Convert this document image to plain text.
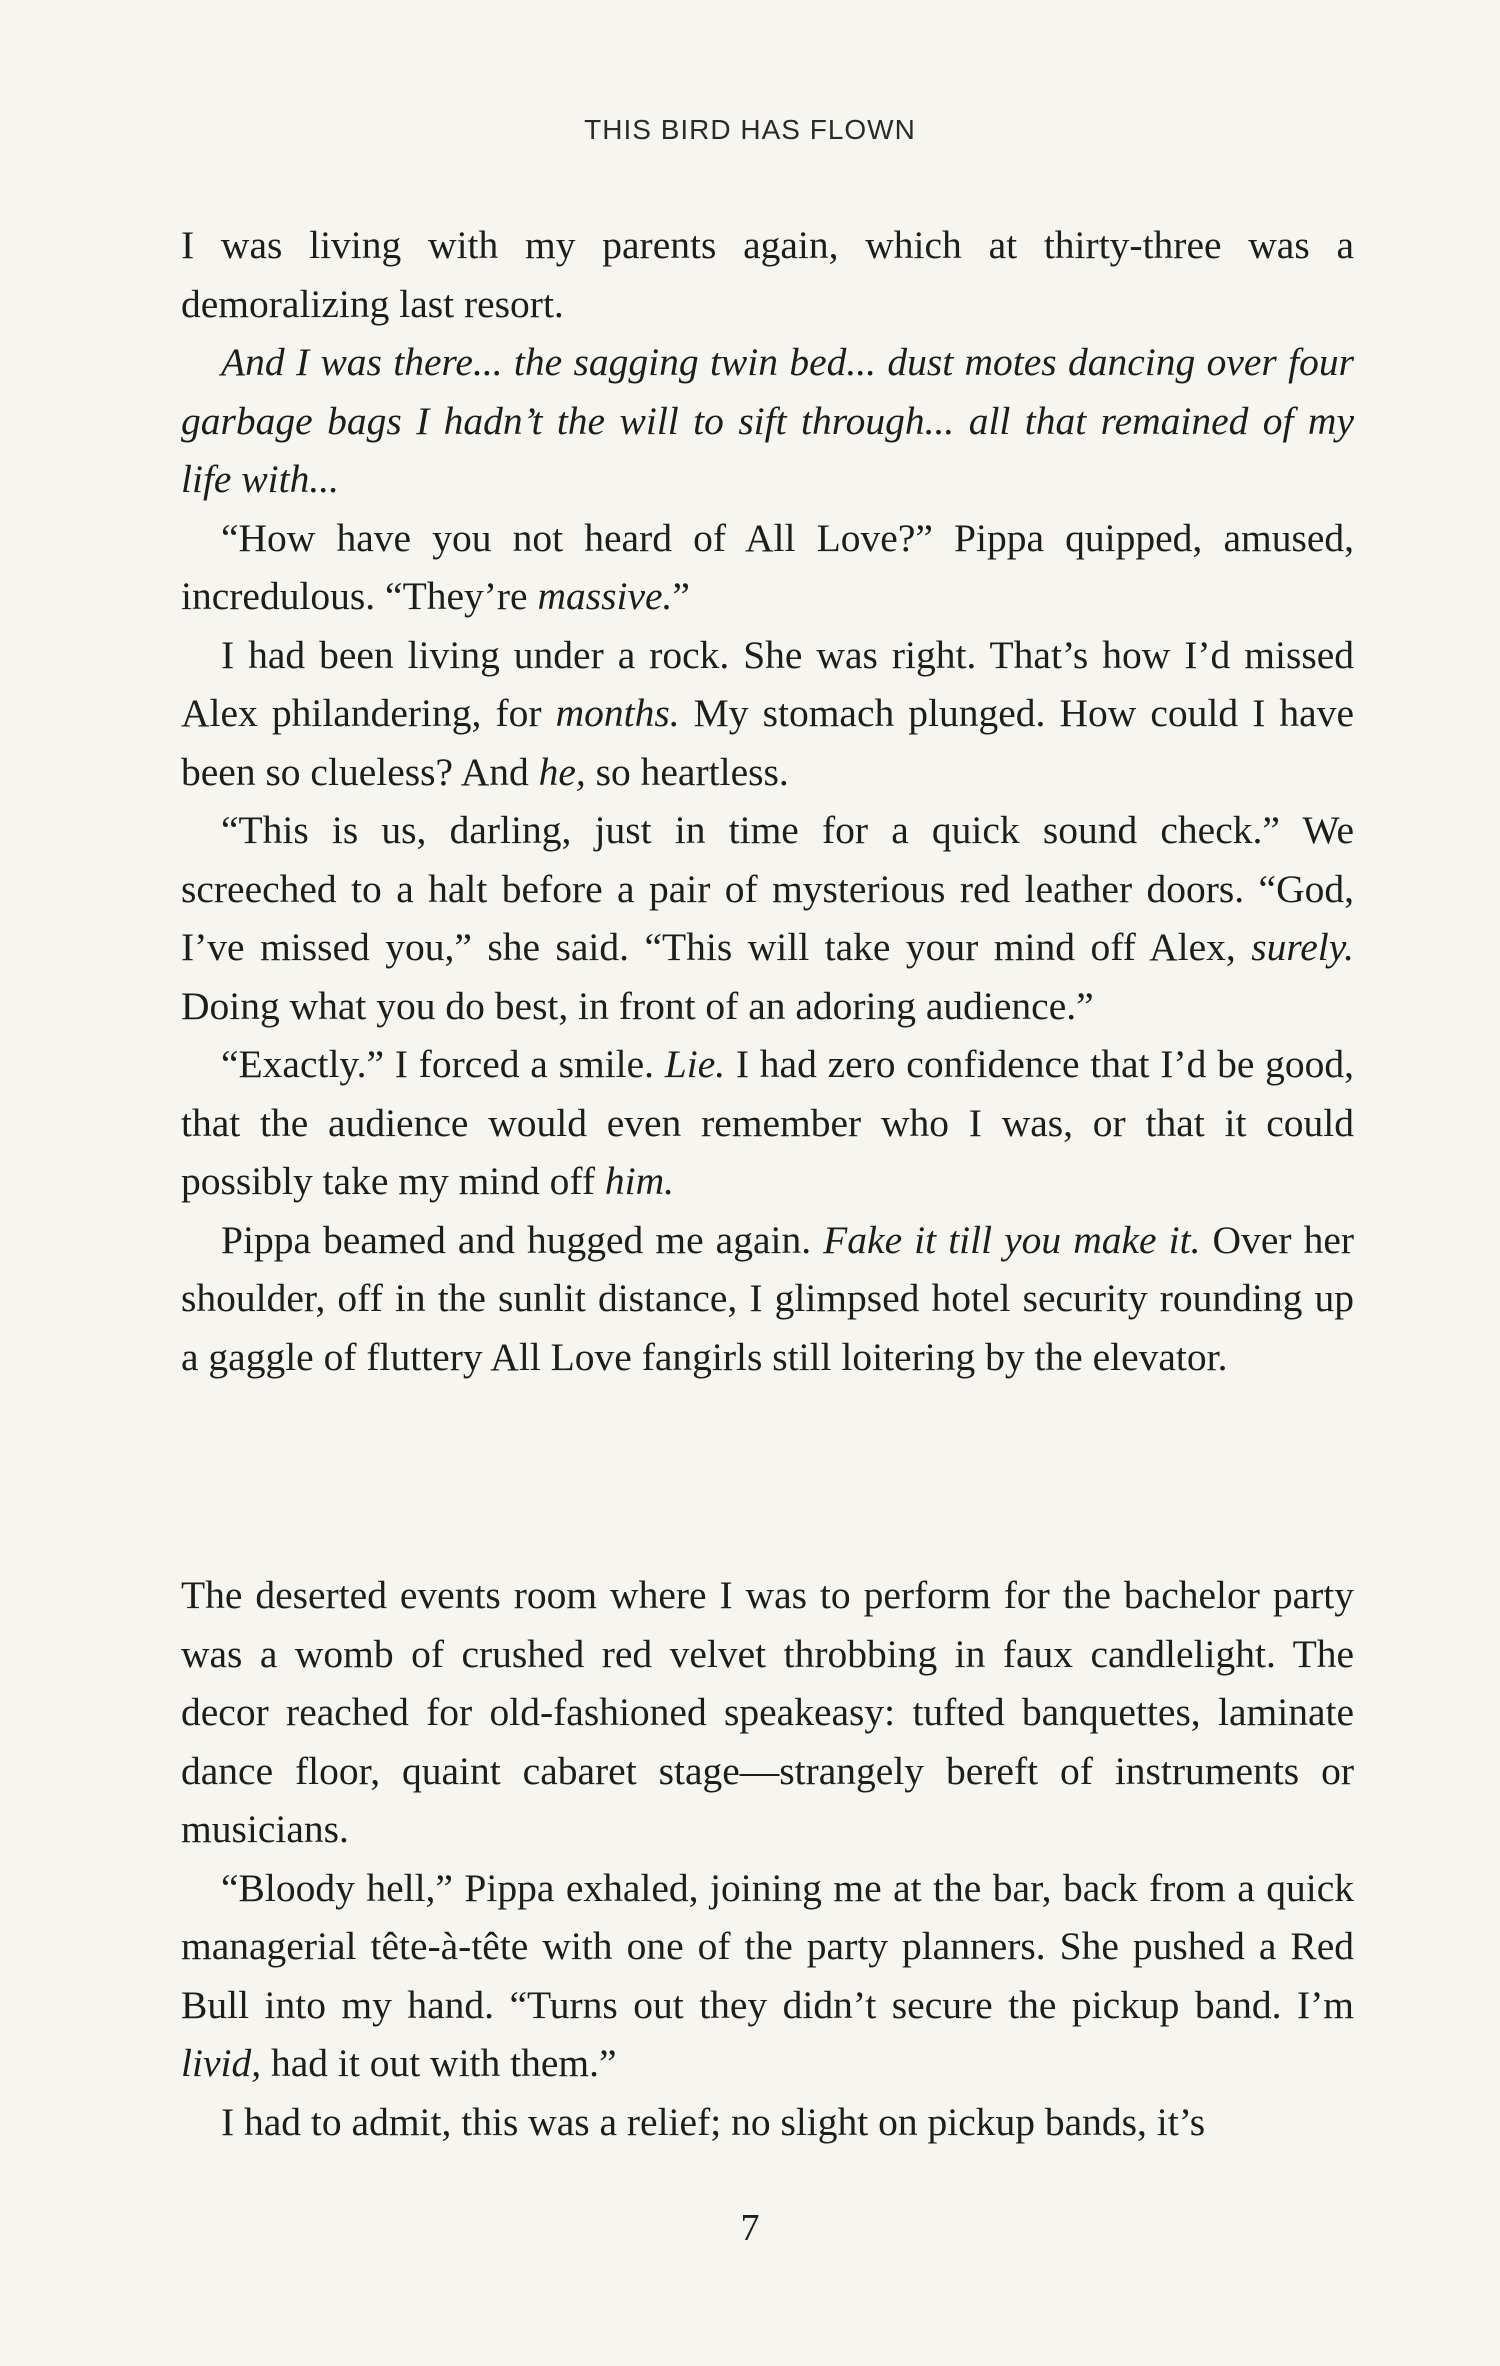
THIS BIRD HAS FLOWN

I was living with my parents again, which at thirty-three was a demoralizing last resort.

And I was there... the sagging twin bed... dust motes dancing over four garbage bags I hadn’t the will to sift through... all that remained of my life with...

“How have you not heard of All Love?” Pippa quipped, amused, incredulous. “They’re massive.”

I had been living under a rock. She was right. That’s how I’d missed Alex philandering, for months. My stomach plunged. How could I have been so clueless? And he, so heartless.

“This is us, darling, just in time for a quick sound check.” We screeched to a halt before a pair of mysterious red leather doors. “God, I’ve missed you,” she said. “This will take your mind off Alex, surely. Doing what you do best, in front of an adoring audience.”

“Exactly.” I forced a smile. Lie. I had zero confidence that I’d be good, that the audience would even remember who I was, or that it could possibly take my mind off him.

Pippa beamed and hugged me again. Fake it till you make it. Over her shoulder, off in the sunlit distance, I glimpsed hotel security rounding up a gaggle of fluttery All Love fangirls still loitering by the elevator.

The deserted events room where I was to perform for the bachelor party was a womb of crushed red velvet throbbing in faux candlelight. The decor reached for old-fashioned speakeasy: tufted banquettes, laminate dance floor, quaint cabaret stage—strangely bereft of instruments or musicians.

“Bloody hell,” Pippa exhaled, joining me at the bar, back from a quick managerial tête-à-tête with one of the party planners. She pushed a Red Bull into my hand. “Turns out they didn’t secure the pickup band. I’m livid, had it out with them.”

I had to admit, this was a relief; no slight on pickup bands, it’s

7
